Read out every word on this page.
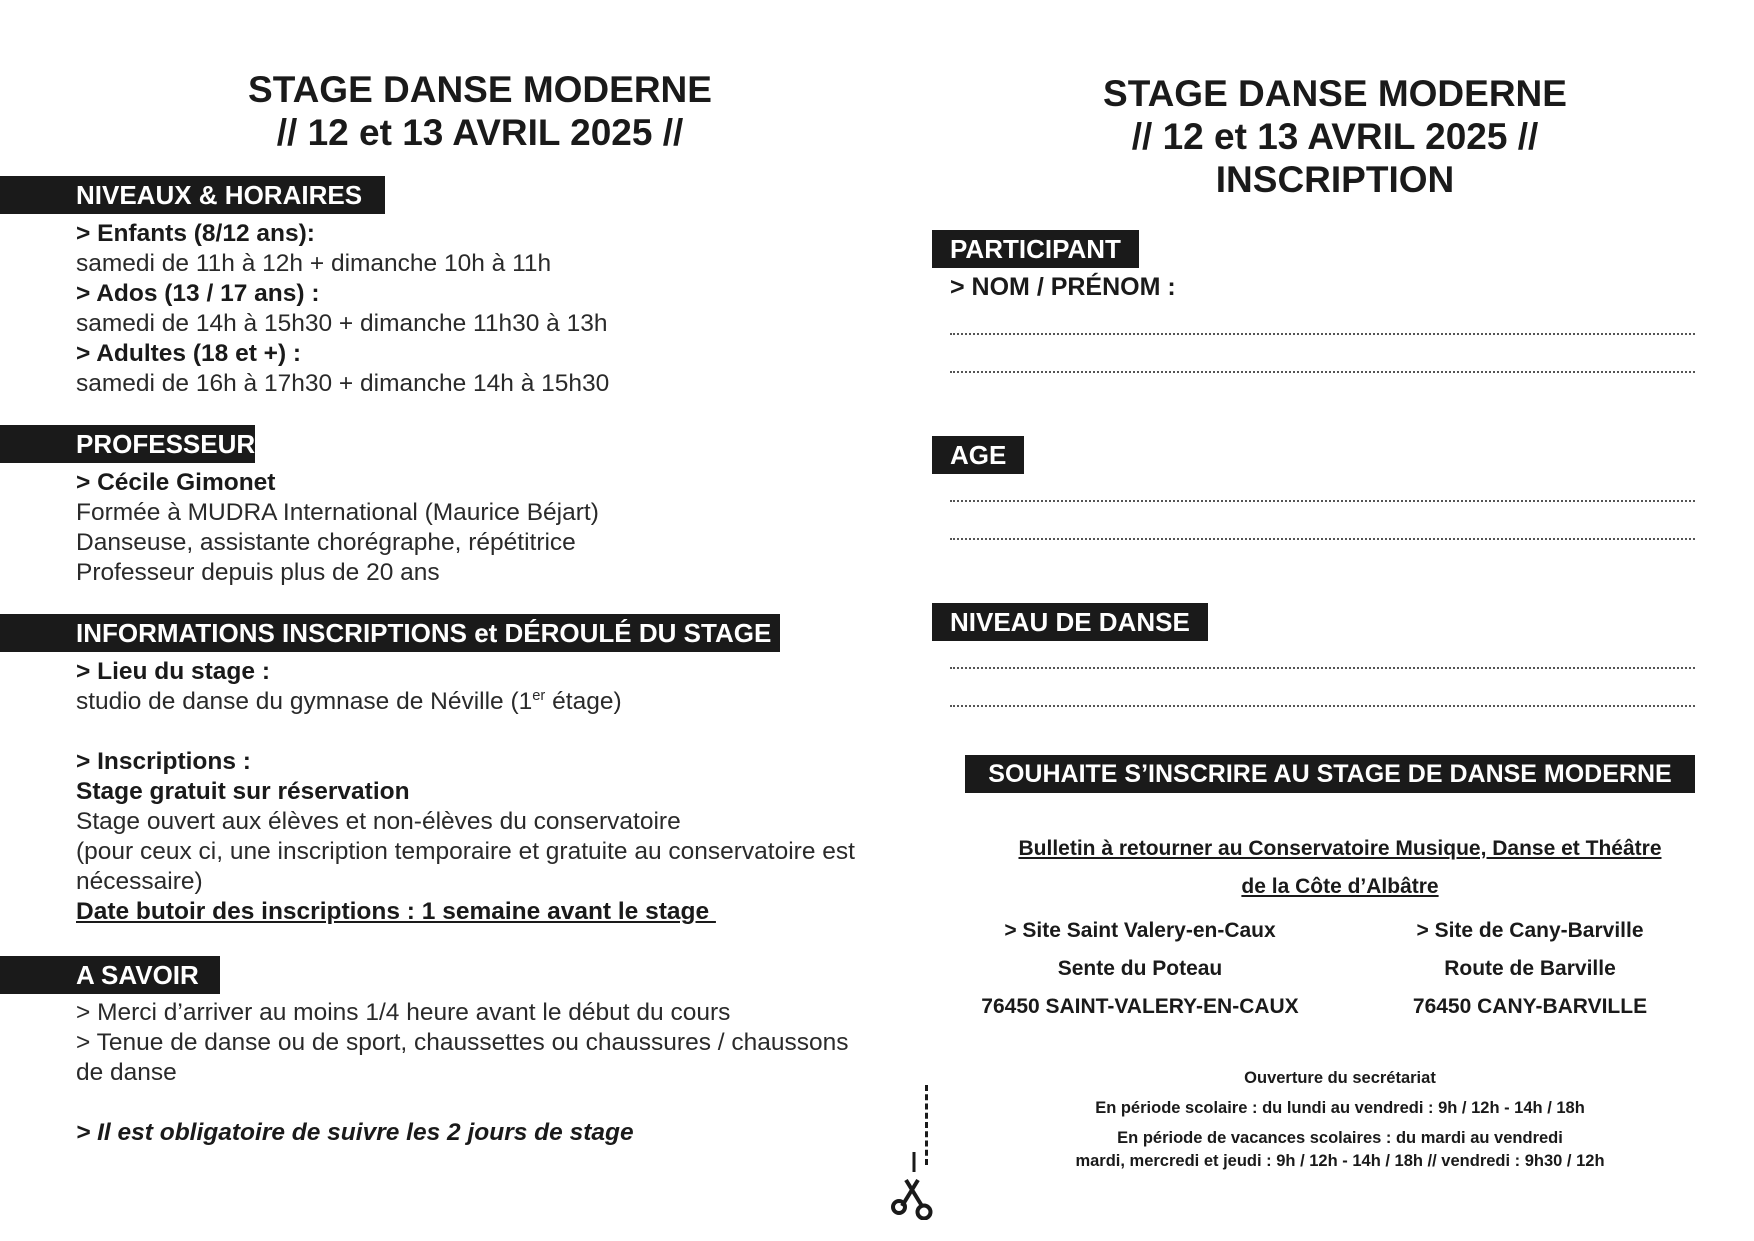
STAGE DANSE MODERNE
// 12 et 13 AVRIL 2025 //
NIVEAUX & HORAIRES
> Enfants (8/12 ans):
samedi de 11h à 12h + dimanche 10h à 11h
> Ados (13 / 17 ans) :
samedi de 14h à 15h30 + dimanche 11h30 à 13h
> Adultes (18 et +) :
samedi de 16h à 17h30 + dimanche 14h à 15h30
PROFESSEUR
> Cécile Gimonet
Formée à MUDRA International (Maurice Béjart)
Danseuse, assistante chorégraphe, répétitrice
Professeur depuis plus de 20 ans
INFORMATIONS INSCRIPTIONS et DÉROULÉ DU STAGE
> Lieu du stage :
studio de danse du gymnase de Néville (1er étage)
> Inscriptions :
Stage gratuit sur réservation
Stage ouvert aux élèves et non-élèves du conservatoire
(pour ceux ci, une inscription temporaire et gratuite au conservatoire est
nécessaire)
Date butoir des inscriptions : 1 semaine avant le stage
A SAVOIR
> Merci d’arriver au moins 1/4 heure avant le début du cours
> Tenue de danse ou de sport, chaussettes ou chaussures / chaussons
de danse
> Il est obligatoire de suivre les 2 jours de stage
STAGE DANSE MODERNE
// 12 et 13 AVRIL 2025 //
INSCRIPTION
PARTICIPANT
> NOM / PRÉNOM :
AGE
NIVEAU DE DANSE
SOUHAITE S’INSCRIRE AU STAGE DE DANSE MODERNE
Bulletin à retourner au Conservatoire Musique, Danse et Théâtre
de la Côte d’Albâtre
> Site Saint Valery-en-Caux
Sente du Poteau
76450 SAINT-VALERY-EN-CAUX
> Site de Cany-Barville
Route de Barville
76450 CANY-BARVILLE
Ouverture du secrétariat
En période scolaire : du lundi au vendredi : 9h / 12h - 14h / 18h
En période de vacances scolaires : du mardi au vendredi
mardi, mercredi et jeudi : 9h / 12h - 14h / 18h // vendredi : 9h30 / 12h
